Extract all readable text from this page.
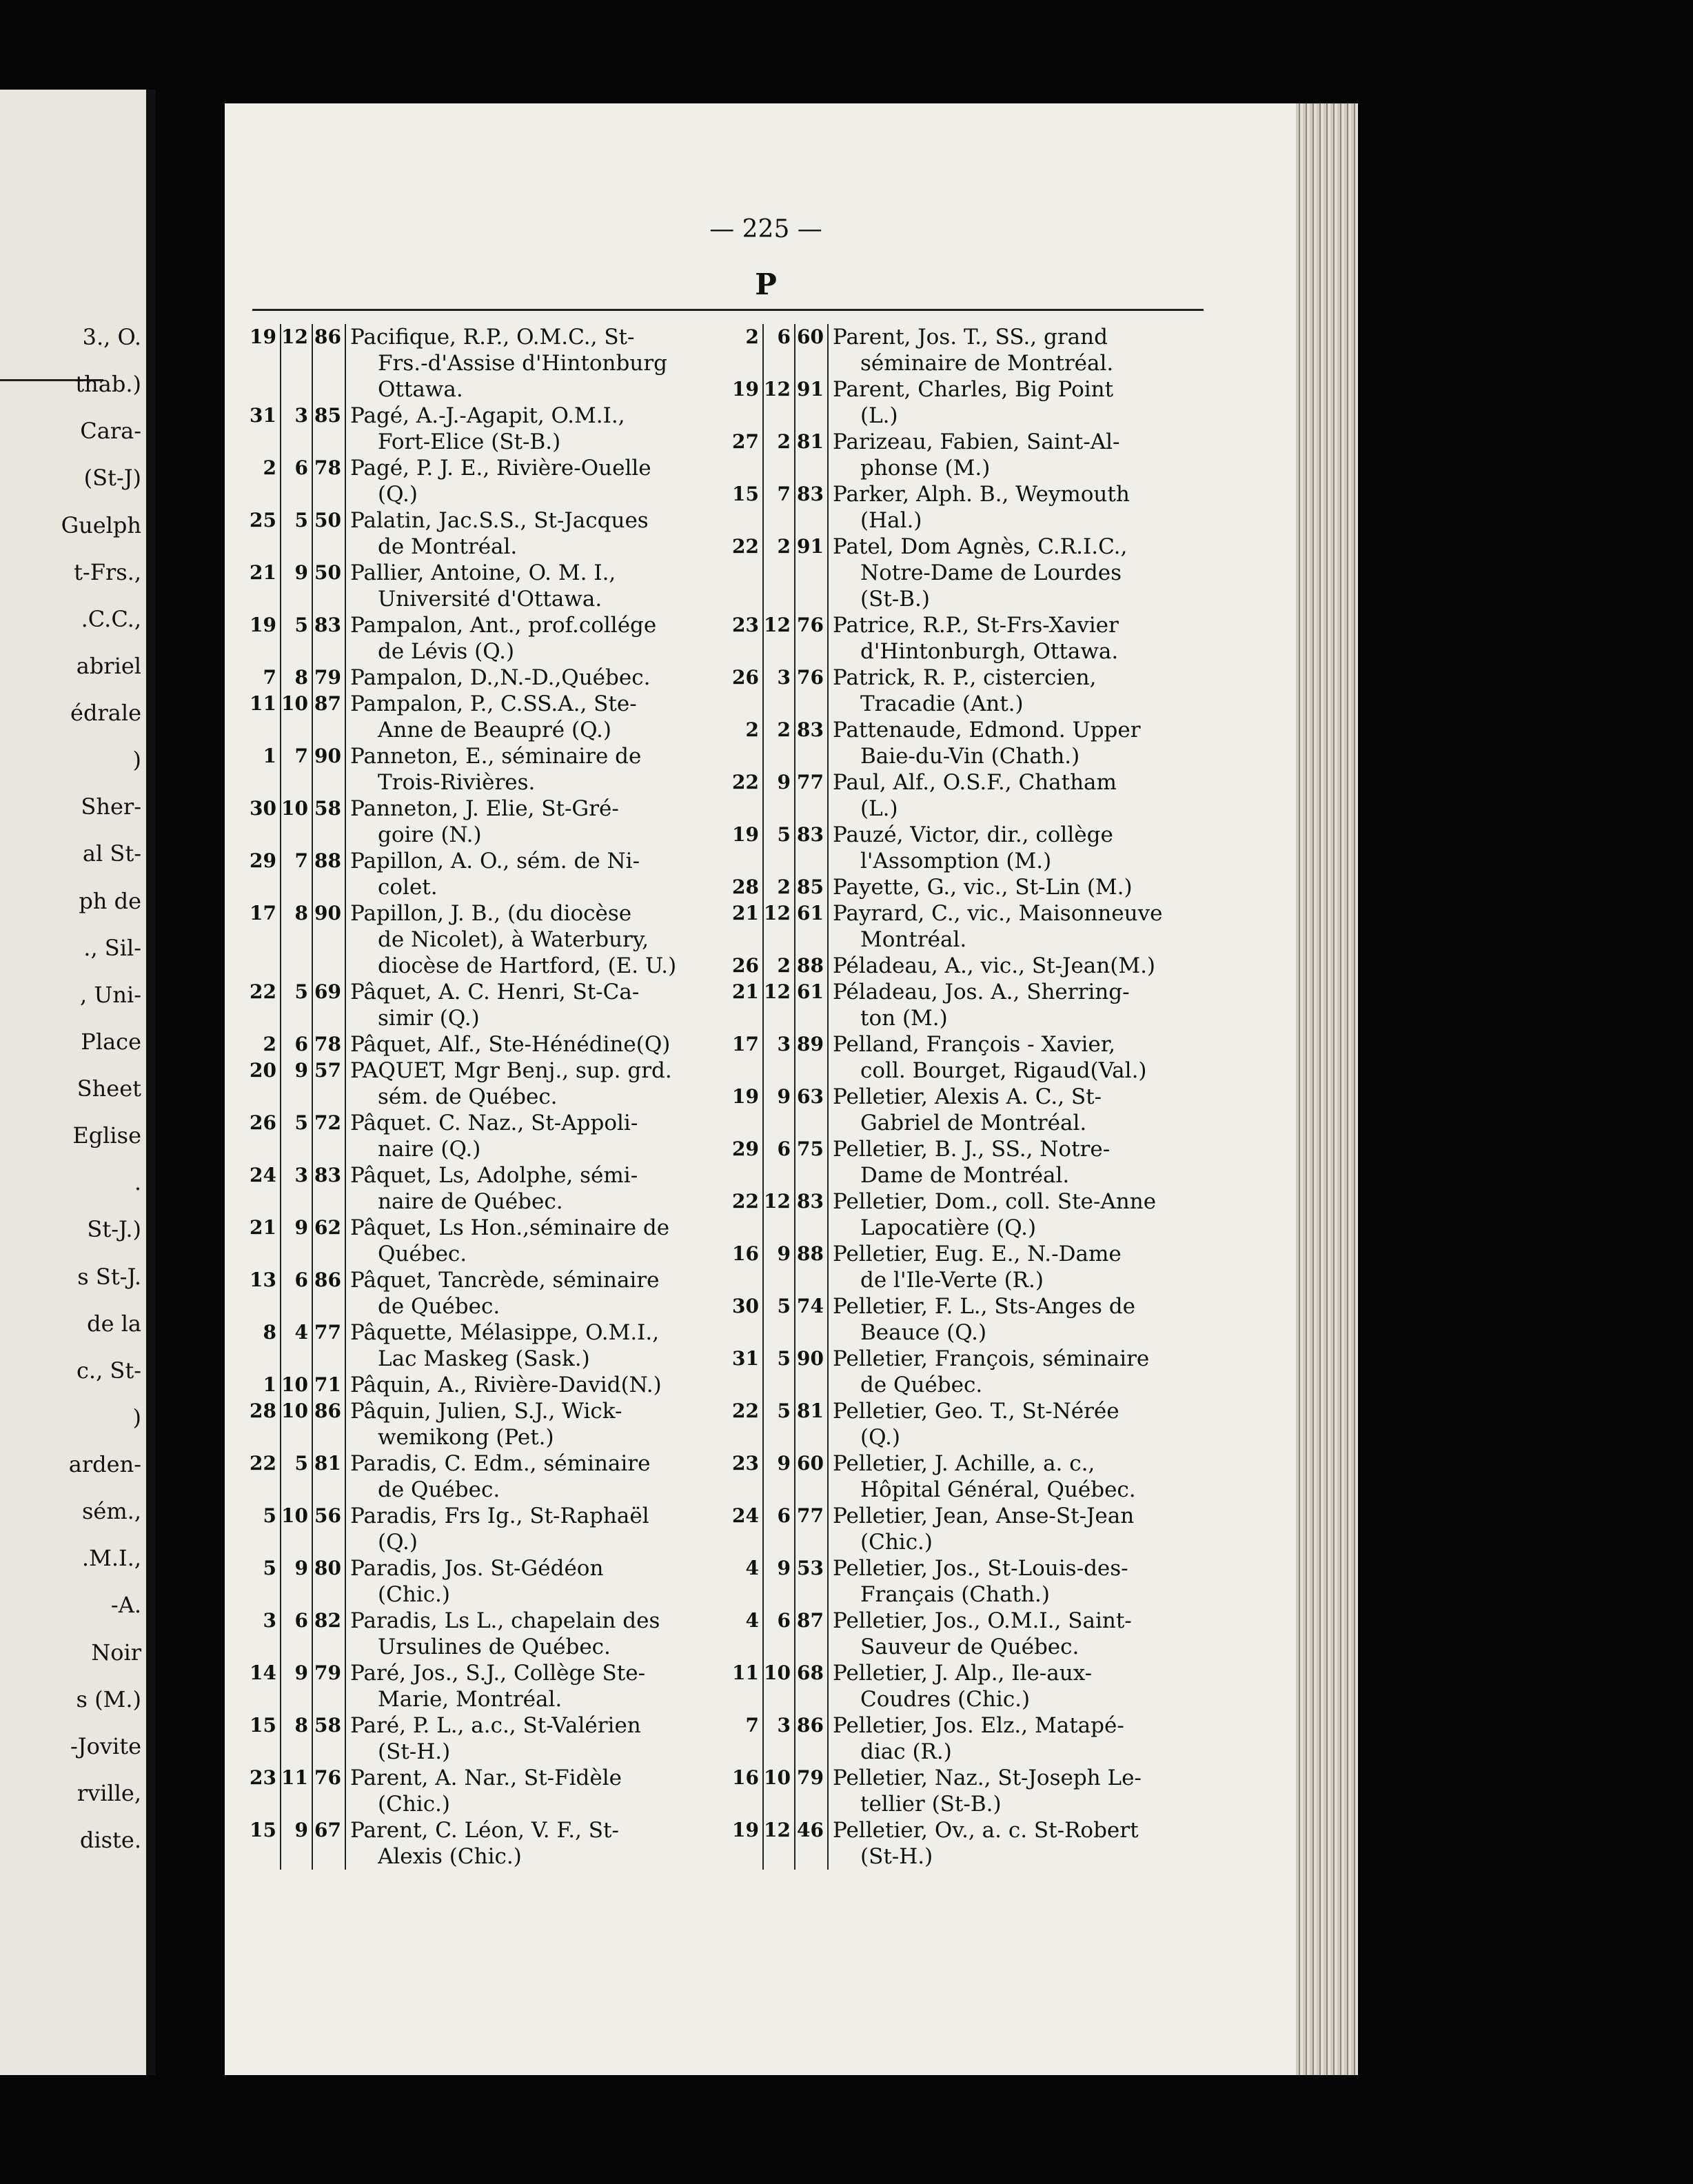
3., O.
thab.)
Cara-
(St-J)
Guelph
t-Frs.,
.C.C.,
abriel
édrale
)
Sher-
al St-
ph de
., Sil-
, Uni-
Place
Sheet
Eglise
.
St-J.)
s St-J.
de la
c., St-
)
arden-
sém.,
.M.I.,
-A.
Noir
s (M.)
-Jovite
rville,
diste.
— 225 —
P
19 12 86 Pacifique, R.P., O.M.C., St-
Frs.-d'Assise d'Hintonburg
Ottawa.
31 3 85 Pagé, A.-J.-Agapit, O.M.I.,
Fort-Elice (St-B.)
2 6 78 Pagé, P. J. E., Rivière-Ouelle
(Q.)
25 5 50 Palatin, Jac.S.S., St-Jacques
de Montréal.
21 9 50 Pallier, Antoine, O. M. I.,
Université d'Ottawa.
19 5 83 Pampalon, Ant., prof.collége
de Lévis (Q.)
7 8 79 Pampalon, D.,N.-D.,Québec.
11 10 87 Pampalon, P., C.SS.A., Ste-
Anne de Beaupré (Q.)
1 7 90 Panneton, E., séminaire de
Trois-Rivières.
30 10 58 Panneton, J. Elie, St-Gré-
goire (N.)
29 7 88 Papillon, A. O., sém. de Ni-
colet.
17 8 90 Papillon, J. B., (du diocèse
de Nicolet), à Waterbury,
diocèse de Hartford, (E. U.)
22 5 69 Pâquet, A. C. Henri, St-Ca-
simir (Q.)
2 6 78 Pâquet, Alf., Ste-Hénédine(Q)
20 9 57 PAQUET, Mgr Benj., sup. grd.
sém. de Québec.
26 5 72 Pâquet. C. Naz., St-Appoli-
naire (Q.)
24 3 83 Pâquet, Ls, Adolphe, sémi-
naire de Québec.
21 9 62 Pâquet, Ls Hon.,séminaire de
Québec.
13 6 86 Pâquet, Tancrède, séminaire
de Québec.
8 4 77 Pâquette, Mélasippe, O.M.I.,
Lac Maskeg (Sask.)
1 10 71 Pâquin, A., Rivière-David(N.)
28 10 86 Pâquin, Julien, S.J., Wick-
wemikong (Pet.)
22 5 81 Paradis, C. Edm., séminaire
de Québec.
5 10 56 Paradis, Frs Ig., St-Raphaël
(Q.)
5 9 80 Paradis, Jos. St-Gédéon
(Chic.)
3 6 82 Paradis, Ls L., chapelain des
Ursulines de Québec.
14 9 79 Paré, Jos., S.J., Collège Ste-
Marie, Montréal.
15 8 58 Paré, P. L., a.c., St-Valérien
(St-H.)
23 11 76 Parent, A. Nar., St-Fidèle
(Chic.)
15 9 67 Parent, C. Léon, V. F., St-
Alexis (Chic.)
2 6 60 Parent, Jos. T., SS., grand
séminaire de Montréal.
19 12 91 Parent, Charles, Big Point
(L.)
27 2 81 Parizeau, Fabien, Saint-Al-
phonse (M.)
15 7 83 Parker, Alph. B., Weymouth
(Hal.)
22 2 91 Patel, Dom Agnès, C.R.I.C.,
Notre-Dame de Lourdes
(St-B.)
23 12 76 Patrice, R.P., St-Frs-Xavier
d'Hintonburgh, Ottawa.
26 3 76 Patrick, R. P., cistercien,
Tracadie (Ant.)
2 2 83 Pattenaude, Edmond. Upper
Baie-du-Vin (Chath.)
22 9 77 Paul, Alf., O.S.F., Chatham
(L.)
19 5 83 Pauzé, Victor, dir., collège
l'Assomption (M.)
28 2 85 Payette, G., vic., St-Lin (M.)
21 12 61 Payrard, C., vic., Maisonneuve
Montréal.
26 2 88 Péladeau, A., vic., St-Jean(M.)
21 12 61 Péladeau, Jos. A., Sherring-
ton (M.)
17 3 89 Pelland, François - Xavier,
coll. Bourget, Rigaud(Val.)
19 9 63 Pelletier, Alexis A. C., St-
Gabriel de Montréal.
29 6 75 Pelletier, B. J., SS., Notre-
Dame de Montréal.
22 12 83 Pelletier, Dom., coll. Ste-Anne
Lapocatière (Q.)
16 9 88 Pelletier, Eug. E., N.-Dame
de l'Ile-Verte (R.)
30 5 74 Pelletier, F. L., Sts-Anges de
Beauce (Q.)
31 5 90 Pelletier, François, séminaire
de Québec.
22 5 81 Pelletier, Geo. T., St-Nérée
(Q.)
23 9 60 Pelletier, J. Achille, a. c.,
Hôpital Général, Québec.
24 6 77 Pelletier, Jean, Anse-St-Jean
(Chic.)
4 9 53 Pelletier, Jos., St-Louis-des-
Français (Chath.)
4 6 87 Pelletier, Jos., O.M.I., Saint-
Sauveur de Québec.
11 10 68 Pelletier, J. Alp., Ile-aux-
Coudres (Chic.)
7 3 86 Pelletier, Jos. Elz., Matapé-
diac (R.)
16 10 79 Pelletier, Naz., St-Joseph Le-
tellier (St-B.)
19 12 46 Pelletier, Ov., a. c. St-Robert
(St-H.)
